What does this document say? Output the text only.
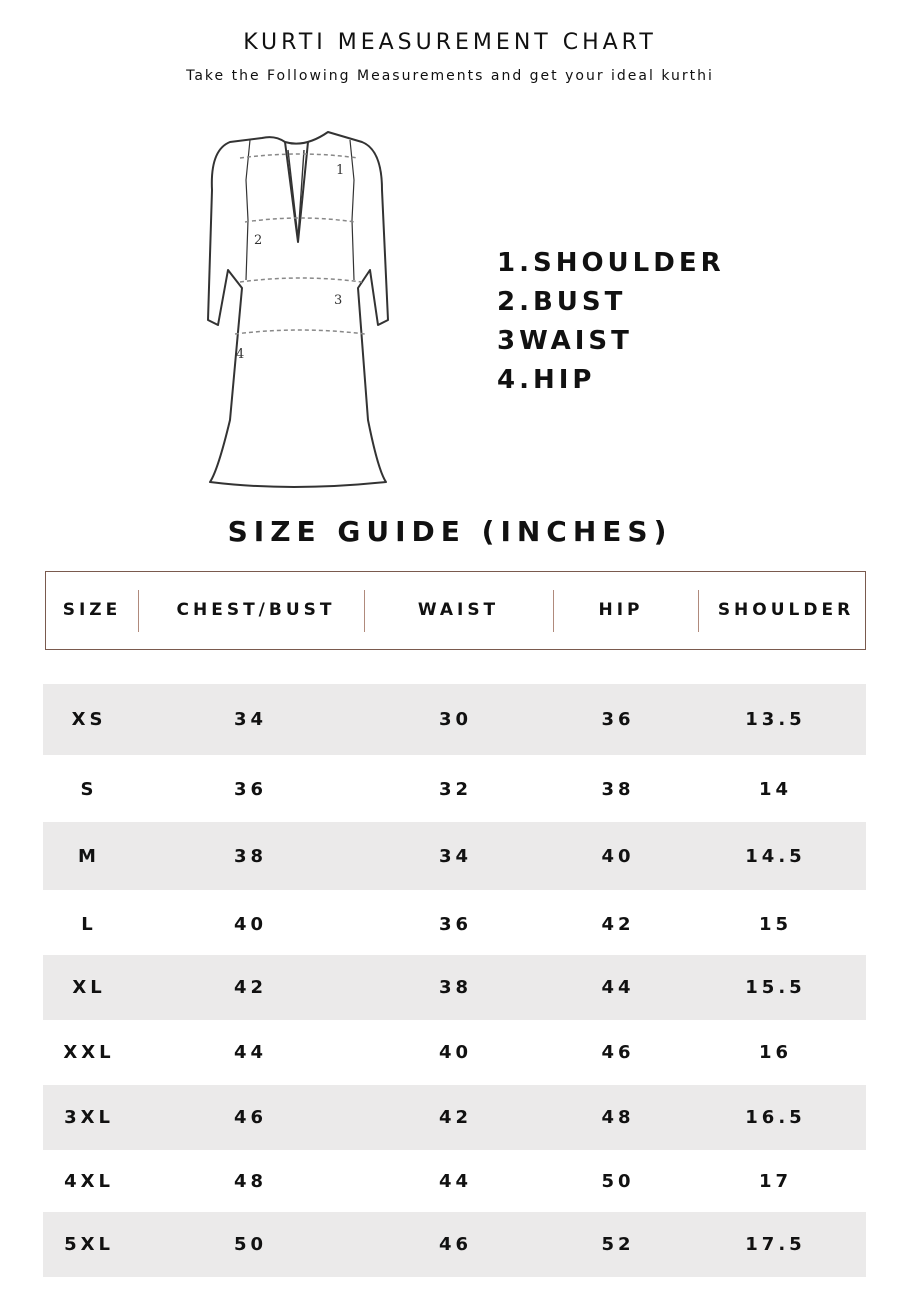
KURTI MEASUREMENT CHART
Take the Following Measurements and get your ideal kurthi
1
2
3
4
1.SHOULDER
2.BUST
3WAIST
4.HIP
SIZE GUIDE (INCHES)
SIZE	CHEST/BUST	WAIST	HIP	SHOULDER
XS	34	30	36	13.5
S	36	32	38	14
M	38	34	40	14.5
L	40	36	42	15
XL	42	38	44	15.5
XXL	44	40	46	16
3XL	46	42	48	16.5
4XL	48	44	50	17
5XL	50	46	52	17.5
